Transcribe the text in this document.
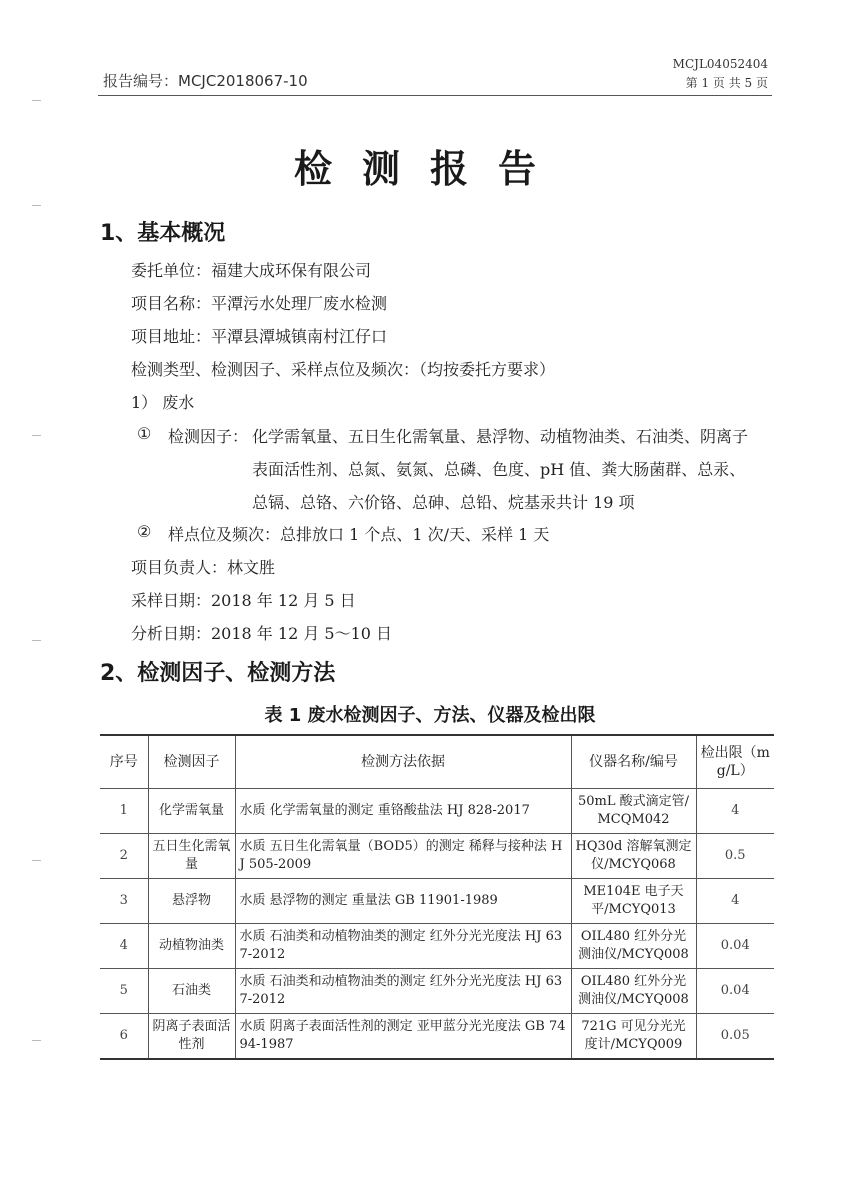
报告编号：MCJC2018067-10
MCJL04052404
第 1 页 共 5 页
检测报告
1、基本概况
委托单位：福建大成环保有限公司
项目名称：平潭污水处理厂废水检测
项目地址：平潭县潭城镇南村江仔口
检测类型、检测因子、采样点位及频次：（均按委托方要求）
1） 废水
① 检测因子： 化学需氧量、五日生化需氧量、悬浮物、动植物油类、石油类、阴离子
表面活性剂、总氮、氨氮、总磷、色度、pH 值、粪大肠菌群、总汞、
总镉、总铬、六价铬、总砷、总铅、烷基汞共计 19 项
② 样点位及频次：总排放口 1 个点、1 次/天、采样 1 天
项目负责人：林文胜
采样日期：2018 年 12 月 5 日
分析日期：2018 年 12 月 5～10 日
2、检测因子、检测方法
表 1 废水检测因子、方法、仪器及检出限
序号	检测因子	检测方法依据	仪器名称/编号	检出限（mg/L）
1	化学需氧量	水质 化学需氧量的测定 重铬酸盐法 HJ 828-2017	50mL 酸式滴定管/MCQM042	4
2	五日生化需氧量	水质 五日生化需氧量（BOD5）的测定 稀释与接种法 HJ 505-2009	HQ30d 溶解氧测定仪/MCYQ068	0.5
3	悬浮物	水质 悬浮物的测定 重量法 GB 11901-1989	ME104E 电子天平/MCYQ013	4
4	动植物油类	水质 石油类和动植物油类的测定 红外分光光度法 HJ 637-2012	OIL480 红外分光测油仪/MCYQ008	0.04
5	石油类	水质 石油类和动植物油类的测定 红外分光光度法 HJ 637-2012	OIL480 红外分光测油仪/MCYQ008	0.04
6	阴离子表面活性剂	水质 阴离子表面活性剂的测定 亚甲蓝分光光度法 GB 7494-1987	721G 可见分光光度计/MCYQ009	0.05
